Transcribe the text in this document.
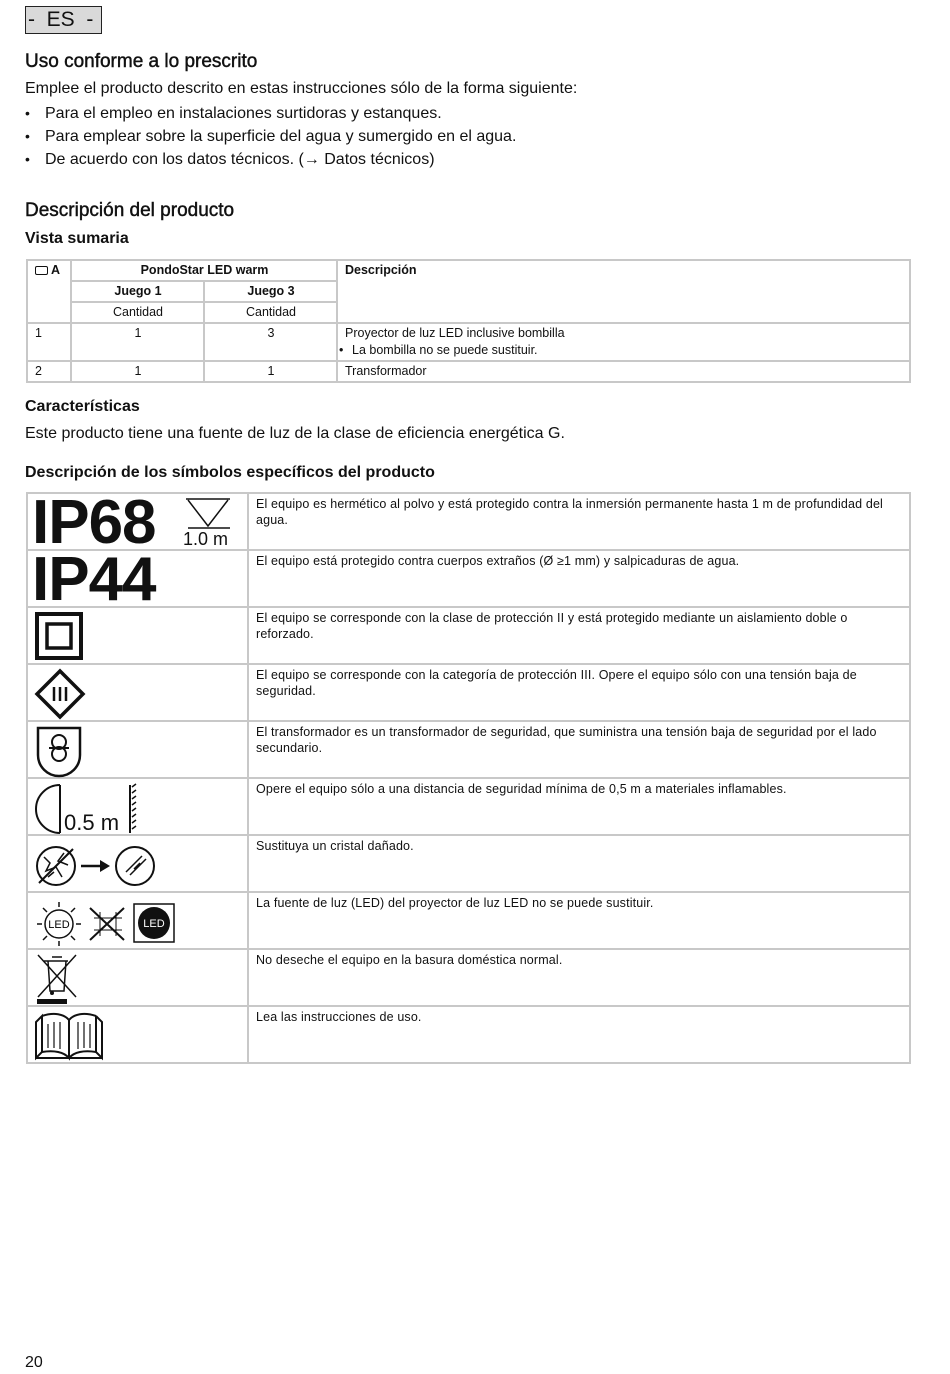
-  ES  -
Uso conforme a lo prescrito
Emplee el producto descrito en estas instrucciones sólo de la forma siguiente:
• Para el empleo en instalaciones surtidoras y estanques.
• Para emplear sobre la superficie del agua y sumergido en el agua.
• De acuerdo con los datos técnicos. (→ Datos técnicos)
Descripción del producto
Vista sumaria
A	PondoStar LED warm		Descripción
	Juego 1	Juego 3	
	Cantidad	Cantidad	
1	1	3	Proyector de luz LED inclusive bombilla
• La bombilla no se puede sustituir.

2	1	1	Transformador
Características
Este producto tiene una fuente de luz de la clase de eficiencia energética G.
Descripción de los símbolos específicos del producto
IP68 1.0 m	El equipo es hermético al polvo y está protegido contra la inmersión permanente hasta 1 m de profundidad del agua.

IP44	El equipo está protegido contra cuerpos extraños (Ø ≥1 mm) y salpicaduras de agua.

	El equipo se corresponde con la clase de protección II y está protegido mediante un aislamiento doble o reforzado.

	El equipo se corresponde con la categoría de protección III. Opere el equipo sólo con una tensión baja de seguridad.

	El transformador es un transformador de seguridad, que suministra una tensión baja de seguridad por el lado secundario.

0.5 m	Opere el equipo sólo a una distancia de seguridad mínima de 0,5 m a materiales inflamables.

	Sustituya un cristal dañado.

LED LED	La fuente de luz (LED) del proyector de luz LED no se puede sustituir.

	No deseche el equipo en la basura doméstica normal.

	Lea las instrucciones de uso.
20
